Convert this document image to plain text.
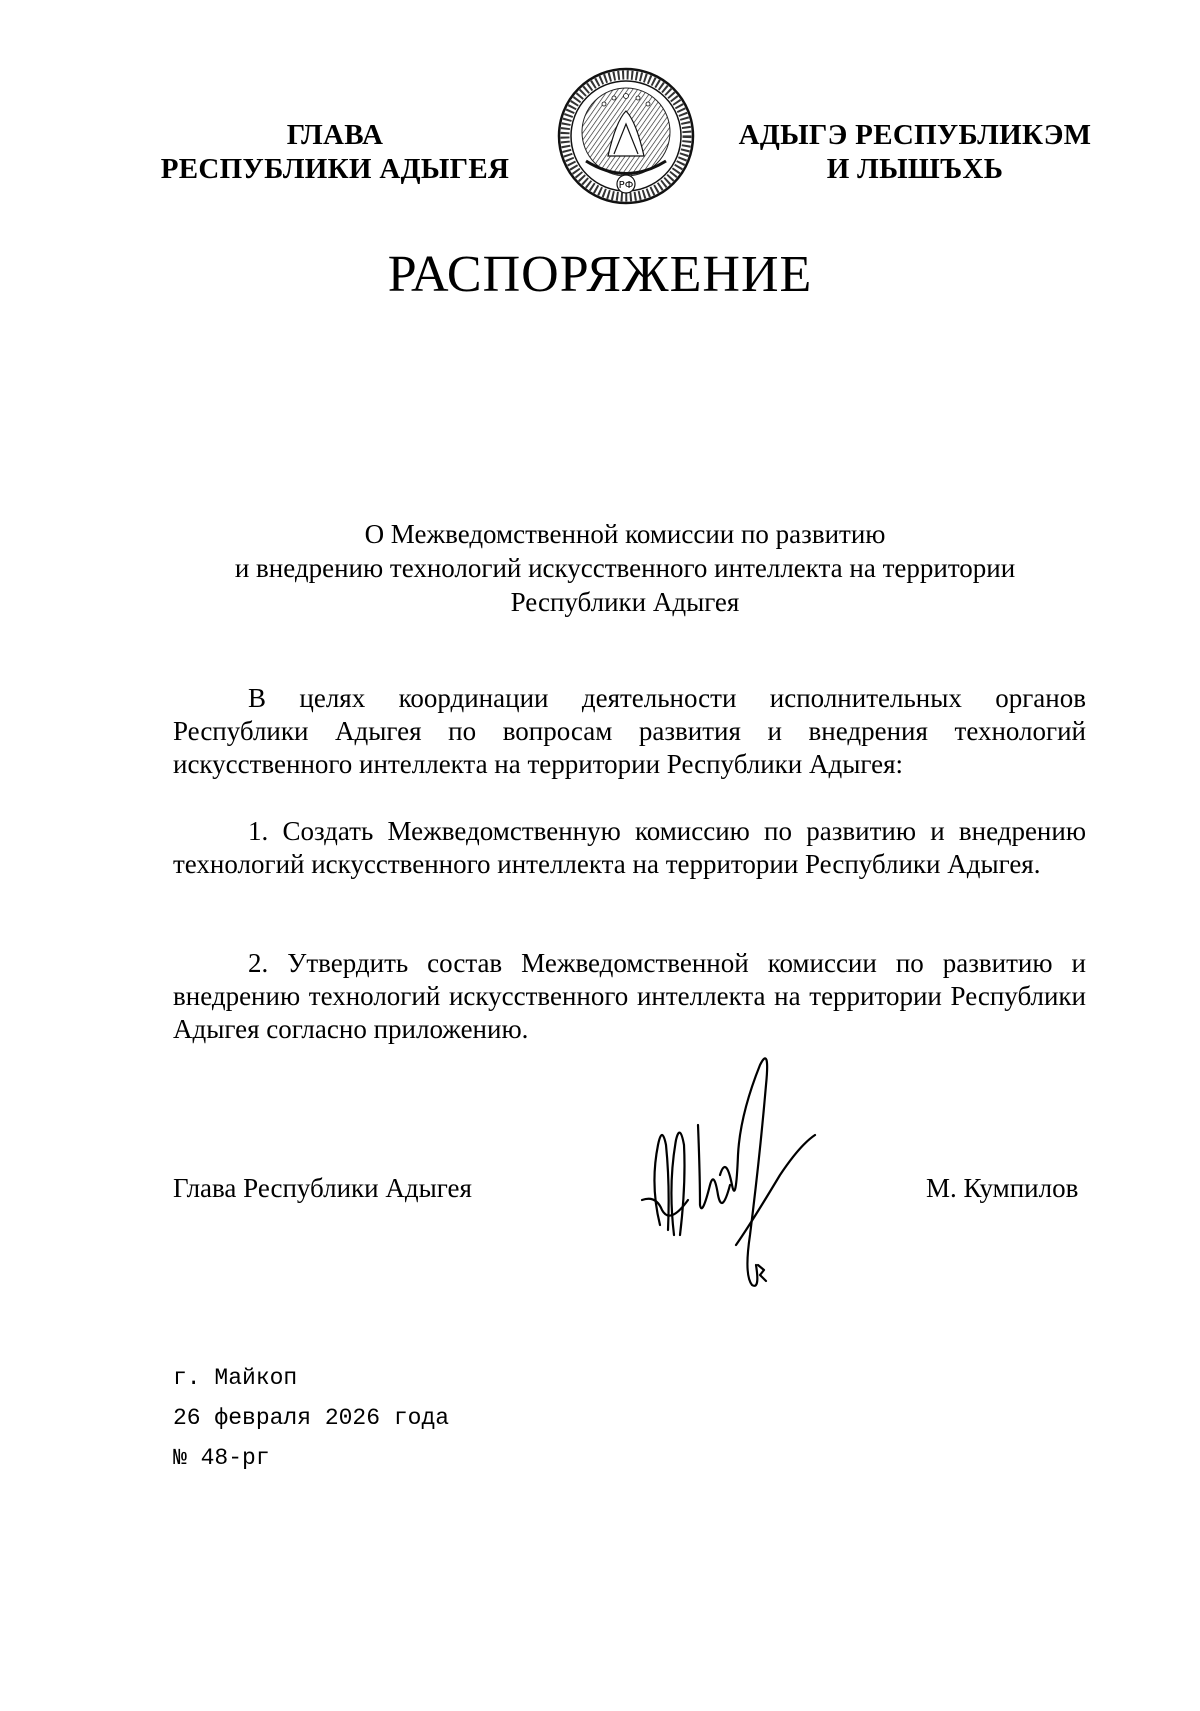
ГЛАВА
РЕСПУБЛИКИ АДЫГЕЯ
РФ
АДЫГЭ РЕСПУБЛИКЭМ
И ЛЫШЪХЬ
РАСПОРЯЖЕНИЕ
О Межведомственной комиссии по развитию
и внедрению технологий искусственного интеллекта на территории
Республики Адыгея
В целях координации деятельности исполнительных органов Республики Адыгея по вопросам развития и внедрения технологий искусственного интеллекта на территории Республики Адыгея:
1. Создать Межведомственную комиссию по развитию и внедрению технологий искусственного интеллекта на территории Республики Адыгея.
2. Утвердить состав Межведомственной комиссии по развитию и внедрению технологий искусственного интеллекта на территории Республики Адыгея согласно приложению.
Глава Республики Адыгея	М. Кумпилов
г. Майкоп
26 февраля 2026 года
№ 48-рг
